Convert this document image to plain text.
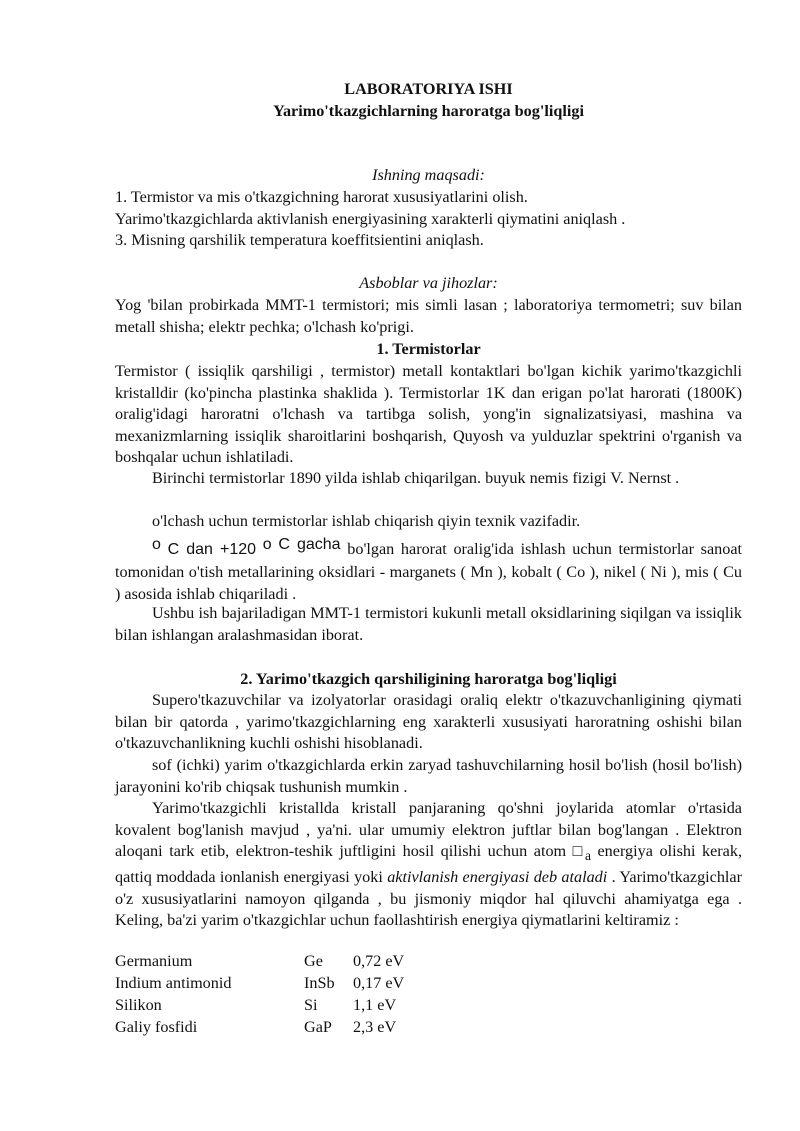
LABORATORIYA ISHI
Yarimo'tkazgichlarning haroratga bog'liqligi
Ishning maqsadi:
1. Termistor va mis o'tkazgichning harorat xususiyatlarini olish.
Yarimo'tkazgichlarda aktivlanish energiyasining xarakterli qiymatini aniqlash .
3. Misning qarshilik temperatura koeffitsientini aniqlash.
Asboblar va jihozlar:
Yog 'bilan probirkada MMT-1 termistori; mis simli lasan ; laboratoriya termometri; suv bilan metall shisha; elektr pechka; o'lchash ko'prigi.
1. Termistorlar
Termistor ( issiqlik qarshiligi , termistor) metall kontaktlari bo'lgan kichik yarimo'tkazgichli kristalldir (ko'pincha plastinka shaklida ). Termistorlar 1K dan erigan po'lat harorati (1800K) oralig'idagi haroratni o'lchash va tartibga solish, yong'in signalizatsiyasi, mashina va mexanizmlarning issiqlik sharoitlarini boshqarish, Quyosh va yulduzlar spektrini o'rganish va boshqalar uchun ishlatiladi.
Birinchi termistorlar 1890 yilda ishlab chiqarilgan. buyuk nemis fizigi V. Nernst .
o'lchash uchun termistorlar ishlab chiqarish qiyin texnik vazifadir.
o C dan +120 o C gacha bo'lgan harorat oralig'ida ishlash uchun termistorlar sanoat tomonidan o'tish metallarining oksidlari - marganets ( Mn ), kobalt ( Co ), nikel ( Ni ), mis ( Cu ) asosida ishlab chiqariladi .
Ushbu ish bajariladigan MMT-1 termistori kukunli metall oksidlarining siqilgan va issiqlik bilan ishlangan aralashmasidan iborat.
2. Yarimo'tkazgich qarshiligining haroratga bog'liqligi
Supero'tkazuvchilar va izolyatorlar orasidagi oraliq elektr o'tkazuvchanligining qiymati bilan bir qatorda , yarimo'tkazgichlarning eng xarakterli xususiyati haroratning oshishi bilan o'tkazuvchanlikning kuchli oshishi hisoblanadi.
sof (ichki) yarim o'tkazgichlarda erkin zaryad tashuvchilarning hosil bo'lish (hosil bo'lish) jarayonini ko'rib chiqsak tushunish mumkin .
Yarimo'tkazgichli kristallda kristall panjaraning qo'shni joylarida atomlar o'rtasida kovalent bog'lanish mavjud , ya'ni. ular umumiy elektron juftlar bilan bog'langan . Elektron aloqani tark etib, elektron-teshik juftligini hosil qilishi uchun atom $□_a$ energiya olishi kerak, qattiq moddada ionlanish energiyasi yoki aktivlanish energiyasi deb ataladi . Yarimo'tkazgichlar o'z xususiyatlarini namoyon qilganda , bu jismoniy miqdor hal qiluvchi ahamiyatga ega . Keling, ba'zi yarim o'tkazgichlar uchun faollashtirish energiya qiymatlarini keltiramiz :
Germanium	Ge 0,72 eV
Indium antimonid	InSb 0,17 eV
Silikon	Si 1,1 eV
Galiy fosfidi	GaP 2,3 eV
